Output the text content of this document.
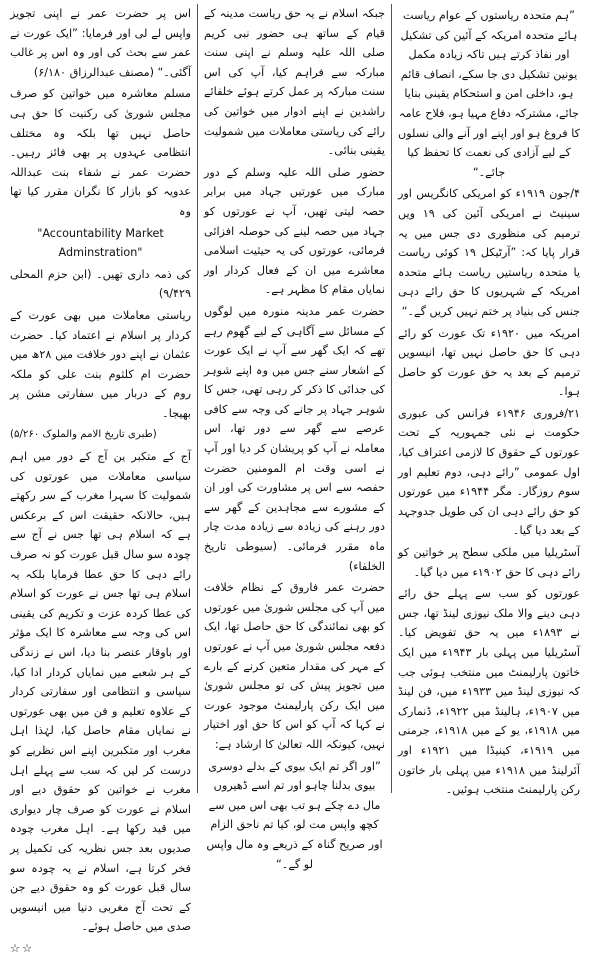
”ہم متحدہ ریاستوں کے عوام ریاست ہائے متحدہ امریکہ کے آئین کی تشکیل اور نفاذ کرتے ہیں تاکہ زیادہ مکمل یونین تشکیل دی جا سکے، انصاف قائم ہو، داخلی امن و استحکام یقینی بنایا جائے، مشترکہ دفاع مہیا ہو، فلاح عامہ کا فروغ ہو اور اپنے اور آنے والی نسلوں کے لیے آزادی کی نعمت کا تحفظ کیا جائے۔“

۴/جون ۱۹۱۹ء کو امریکی کانگریس اور سینیٹ نے امریکی آئین کی ۱۹ ویں ترمیم کی منظوری دی جس میں یہ قرار پایا کہ: ”آرٹیکل ۱۹ کوئی ریاست یا متحدہ ریاستیں ریاست ہائے متحدہ امریکہ کے شہریوں کا حق رائے دہی جنس کی بنیاد پر ختم نہیں کریں گے۔“

امریکہ میں ۱۹۲۰ء تک عورت کو رائے دہی کا حق حاصل نہیں تھا، انیسویں ترمیم کے بعد یہ حق عورت کو حاصل ہوا۔

۲۱/فروری ۱۹۴۶ء فرانس کی عبوری حکومت نے نئی جمہوریہ کے تحت عورتوں کے حقوق کا لازمی اعتراف کیا، اول عمومی ”رائے دہی، دوم تعلیم اور سوم روزگار۔ مگر ۱۹۴۴ء میں عورتوں کو حق رائے دہی ان کی طویل جدوجہد کے بعد دیا گیا۔

آسٹریلیا میں ملکی سطح پر خواتین کو رائے دہی کا حق ۱۹۰۲ء میں دیا گیا۔

عورتوں کو سب سے پہلے حق رائے دہی دینے والا ملک نیوزی لینڈ تھا، جس نے ۱۸۹۳ء میں یہ حق تفویض کیا۔ آسٹریلیا میں پہلی بار ۱۹۴۳ء میں ایک خاتون پارلیمنٹ میں منتخب ہوئی جب کہ نیوزی لینڈ میں ۱۹۳۳ء میں، فن لینڈ میں ۱۹۰۷ء، ہالینڈ میں ۱۹۲۲ء، ڈنمارک میں ۱۹۱۸ء، یو کے میں ۱۹۱۸ء، جرمنی میں ۱۹۱۹ء، کینیڈا میں ۱۹۲۱ء اور آئرلینڈ میں ۱۹۱۸ء میں پہلی بار خاتون رکن پارلیمنٹ منتخب ہوئیں۔

جبکہ اسلام نے یہ حق ریاست مدینہ کے قیام کے ساتھ ہی حضور نبی کریم صلی اللہ علیہ وسلم نے اپنی سنت مبارکہ سے فراہم کیا، آپ کی اس سنت مبارکہ پر عمل کرتے ہوئے خلفائے راشدین نے اپنے ادوار میں خواتین کی رائے کی ریاستی معاملات میں شمولیت یقینی بنائی۔

حضور صلی اللہ علیہ وسلم کے دور مبارک میں عورتیں جہاد میں برابر حصہ لیتی تھیں، آپ نے عورتوں کو جہاد میں حصہ لینے کی حوصلہ افزائی فرمائی، عورتوں کی یہ حیثیت اسلامی معاشرے میں ان کے فعال کردار اور نمایاں مقام کا مظہر ہے۔

حضرت عمر مدینہ منورہ میں لوگوں کے مسائل سے آگاہی کے لیے گھوم رہے تھے کہ ایک گھر سے آپ نے ایک عورت کے اشعار سنے جس میں وہ اپنے شوہر کی جدائی کا ذکر کر رہی تھی، جس کا شوہر جہاد پر جانے کی وجہ سے کافی عرصے سے گھر سے دور تھا، اس معاملہ نے آپ کو پریشان کر دیا اور آپ نے اسی وقت ام المومنین حضرت حفصہ سے اس پر مشاورت کی اور ان کے مشورے سے مجاہدین کے گھر سے دور رہنے کی زیادہ سے زیادہ مدت چار ماہ مقرر فرمائی۔ (سیوطی تاریخ الخلفاء)

حضرت عمر فاروق کے نظام خلافت میں آپ کی مجلس شوریٰ میں عورتوں کو بھی نمائندگی کا حق حاصل تھا، ایک دفعہ مجلس شوریٰ میں آپ نے عورتوں کے مہر کی مقدار متعین کرنے کے بارے میں تجویز پیش کی تو مجلس شوریٰ میں ایک رکن پارلیمنٹ موجود عورت نے کہا کہ آپ کو اس کا حق اور اختیار نہیں، کیونکہ اللہ تعالیٰ کا ارشاد ہے:

”اور اگر تم ایک بیوی کے بدلے دوسری بیوی بدلنا چاہو اور تم اسے ڈھیروں مال دے چکے ہو تب بھی اس میں سے کچھ واپس مت لو، کیا تم ناحق الزام اور صریح گناہ کے ذریعے وہ مال واپس لو گے۔“

اس پر حضرت عمر نے اپنی تجویز واپس لے لی اور فرمایا: ”ایک عورت نے عمر سے بحث کی اور وہ اس پر غالب آگئی۔“ (مصنف عبدالرزاق ۶/۱۸۰)

مسلم معاشرہ میں خواتین کو صرف مجلس شوریٰ کی رکنیت کا حق ہی حاصل نہیں تھا بلکہ وہ مختلف انتظامی عہدوں پر بھی فائز رہیں۔ حضرت عمر نے شفاء بنت عبداللہ عدویہ کو بازار کا نگران مقرر کیا تھا وہ

"Accountability Market Adminstration"

کی ذمہ داری تھیں۔ (ابن حزم المحلی ۹/۴۲۹)

ریاستی معاملات میں بھی عورت کے کردار پر اسلام نے اعتماد کیا۔ حضرت عثمان نے اپنے دور خلافت میں ۲۸ھ میں حضرت ام کلثوم بنت علی کو ملکہ روم کے دربار میں سفارتی مشن پر بھیجا۔

(طبری تاریخ الامم والملوک ۵/۲۶۰)

آج کے متکبر ین آج کے دور میں اہم سیاسی معاملات میں عورتوں کی شمولیت کا سہرا مغرب کے سر رکھتے ہیں، حالانکہ حقیقت اس کے برعکس ہے کہ اسلام ہی تھا جس نے آج سے چودہ سو سال قبل عورت کو نہ صرف رائے دہی کا حق عطا فرمایا بلکہ یہ اسلام ہی تھا جس نے عورت کو اسلام کی عطا کردہ عزت و تکریم کی یقینی اس کی وجہ سے معاشرہ کا ایک مؤثر اور باوقار عنصر بنا دیا، اس نے زندگی کے ہر شعبے میں نمایاں کردار ادا کیا، سیاسی و انتظامی اور سفارتی کردار کے علاوہ تعلیم و فن میں بھی عورتوں نے نمایاں مقام حاصل کیا، لہٰذا اہل مغرب اور متکبرین اپنے اس نظریے کو درست کر لیں کہ سب سے پہلے اہل مغرب نے خواتین کو حقوق دیے اور اسلام نے عورت کو صرف چار دیواری میں قید رکھا ہے۔ اہل مغرب چودہ صدیوں بعد جس نظریہ کی تکمیل پر فخر کرتا ہے، اسلام نے یہ چودہ سو سال قبل عورت کو وہ حقوق دیے جن کے تحت آج مغربی دنیا میں انیسویں صدی میں حاصل ہوئے۔

☆☆
